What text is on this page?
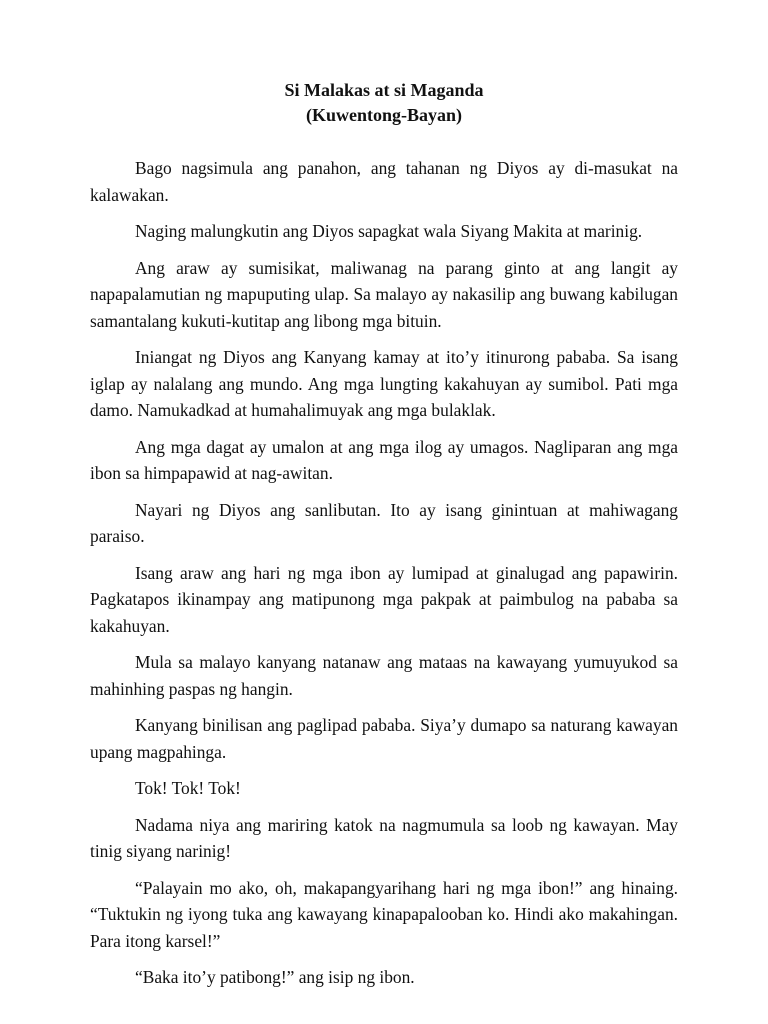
Si Malakas at si Maganda
(Kuwentong-Bayan)

Bago nagsimula ang panahon, ang tahanan ng Diyos ay di-masukat na kalawakan.

Naging malungkutin ang Diyos sapagkat wala Siyang Makita at marinig.

Ang araw ay sumisikat, maliwanag na parang ginto at ang langit ay napapalamutian ng mapuputing ulap. Sa malayo ay nakasilip ang buwang kabilugan samantalang kukuti-kutitap ang libong mga bituin.

Iniangat ng Diyos ang Kanyang kamay at ito’y itinurong pababa. Sa isang iglap ay nalalang ang mundo. Ang mga lungting kakahuyan ay sumibol. Pati mga damo. Namukadkad at humahalimuyak ang mga bulaklak.

Ang mga dagat ay umalon at ang mga ilog ay umagos. Nagliparan ang mga ibon sa himpapawid at nag-awitan.

Nayari ng Diyos ang sanlibutan. Ito ay isang ginintuan at mahiwagang paraiso.

Isang araw ang hari ng mga ibon ay lumipad at ginalugad ang papawirin. Pagkatapos ikinampay ang matipunong mga pakpak at paimbulog na pababa sa kakahuyan.

Mula sa malayo kanyang natanaw ang mataas na kawayang yumuyukod sa mahinhing paspas ng hangin.

Kanyang binilisan ang paglipad pababa. Siya’y dumapo sa naturang kawayan upang magpahinga.

Tok! Tok! Tok!

Nadama niya ang mariring katok na nagmumula sa loob ng kawayan. May tinig siyang narinig!

“Palayain mo ako, oh, makapangyarihang hari ng mga ibon!” ang hinaing. “Tuktukin ng iyong tuka ang kawayang kinapapalooban ko. Hindi ako makahingan. Para itong karsel!”

“Baka ito’y patibong!” ang isip ng ibon.
